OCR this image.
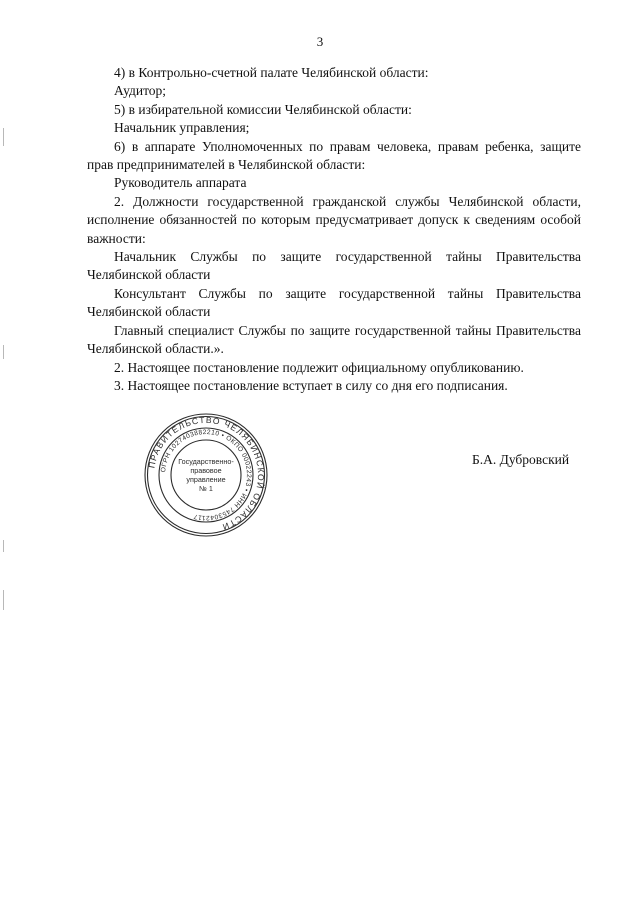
3

4) в Контрольно-счетной палате Челябинской области:

Аудитор;

5) в избирательной комиссии Челябинской области:

Начальник управления;

6) в аппарате Уполномоченных по правам человека, правам ребенка, защите прав предпринимателей в Челябинской области:

Руководитель аппарата

2. Должности государственной гражданской службы Челябинской области, исполнение обязанностей по которым предусматривает допуск к сведениям особой важности:

Начальник Службы по защите государственной тайны Правительства Челябинской области

Консультант Службы по защите государственной тайны Правительства Челябинской области

Главный специалист Службы по защите государственной тайны Правительства Челябинской области.».

2. Настоящее постановление подлежит официальному опубликованию.

3. Настоящее постановление вступает в силу со дня его подписания.

ПРАВИТЕЛЬСТВО ЧЕЛЯБИНСКОЙ ОБЛАСТИ
ОГРН 1027403882210 • ОКПО 00022243 • ИНН 7453042117
Государственно-
правовое
управление
№ 1
Б.А. Дубровский
